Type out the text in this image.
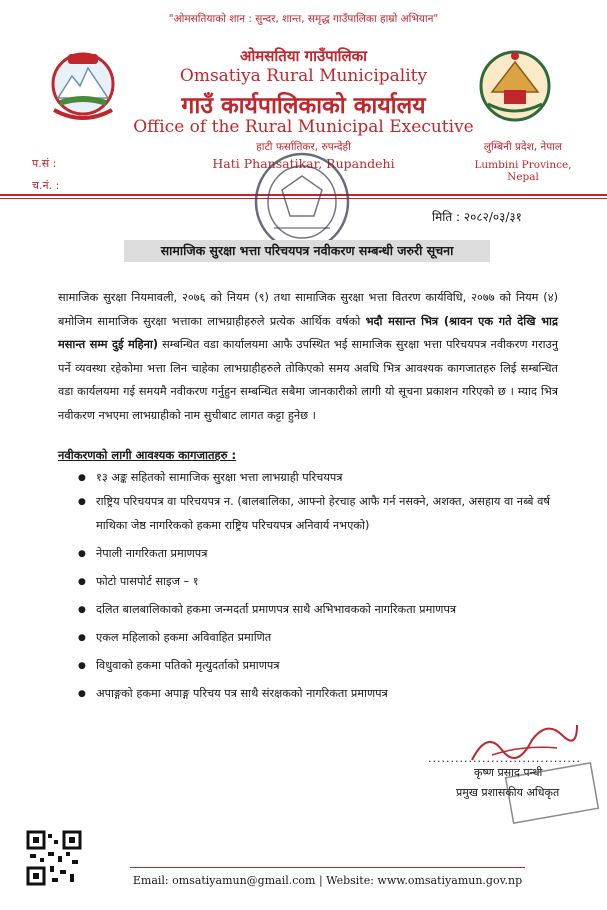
"ओमसतियाको शान : सुन्दर, शान्त, समृद्ध गाउँपालिका हाम्रो अभियान"
ओमसतिया गाउँपालिका
Omsatiya Rural Municipality
गाउँ कार्यपालिकाको कार्यालय
Office of the Rural Municipal Executive
हाटी फर्सातिकर, रुपन्देही
Hati Phansatikar, Rupandehi
लुम्बिनी प्रदेश, नेपाल
Lumbini Province, Nepal
प.सं :
च.नं. :
मिति : २०८२/०३/३१
सामाजिक सुरक्षा भत्ता परिचयपत्र नवीकरण सम्बन्धी जरुरी सूचना
सामाजिक सुरक्षा नियमावली, २०७६ को नियम (९) तथा सामाजिक सुरक्षा भत्ता वितरण कार्यविधि, २०७७ को नियम (४) बमोजिम सामाजिक सुरक्षा भत्ताका लाभग्राहीहरुले प्रत्येक आर्थिक वर्षको भदौ मसान्त भित्र (श्रावन एक गते देखि भाद्र मसान्त सम्म दुई महिना) सम्बन्धित वडा कार्यालयमा आफै उपस्थित भई सामाजिक सुरक्षा भत्ता परिचयपत्र नवीकरण गराउनु पर्ने व्यवस्था रहेकोमा भत्ता लिन चाहेका लाभग्राहीहरुले तोकिएको समय अवधि भित्र आवश्यक कागजातहरु लिई सम्बन्धित वडा कार्यलयमा गई समयमै नवीकरण गर्नुहुन सम्बन्धित सबैमा जानकारीको लागी यो सूचना प्रकाशन गरिएको छ । म्याद भित्र नवीकरण नभएमा लाभग्राहीको नाम सुचीबाट लागत कट्टा हुनेछ ।
नवीकरणको लागी आवश्यक कागजातहरु :
● १३ अङ्क सहितको सामाजिक सुरक्षा भत्ता लाभग्राही परिचयपत्र
● राष्ट्रिय परिचयपत्र वा परिचयपत्र न. (बालबालिका, आफ्नो हेरचाह आफै गर्न नसक्ने, अशक्त, असहाय वा नब्बे वर्ष माथिका जेष्ठ नागरिकको हकमा राष्ट्रिय परिचयपत्र अनिवार्य नभएको)
● नेपाली नागरिकता प्रमाणपत्र
● फोटो पासपोर्ट साइज – १
● दलित बालबालिकाको हकमा जन्मदर्ता प्रमाणपत्र साथै अभिभावकको नागरिकता प्रमाणपत्र
● एकल महिलाको हकमा अविवाहित प्रमाणित
● विधुवाको हकमा पतिको मृत्युदर्ताको प्रमाणपत्र
● अपाङ्गको हकमा अपाङ्ग परिचय पत्र साथै संरक्षकको नागरिकता प्रमाणपत्र
..................................
कृष्ण प्रसाद पन्थी
प्रमुख प्रशासकीय अधिकृत
Email: omsatiyamun@gmail.com | Website: www.omsatiyamun.gov.np
